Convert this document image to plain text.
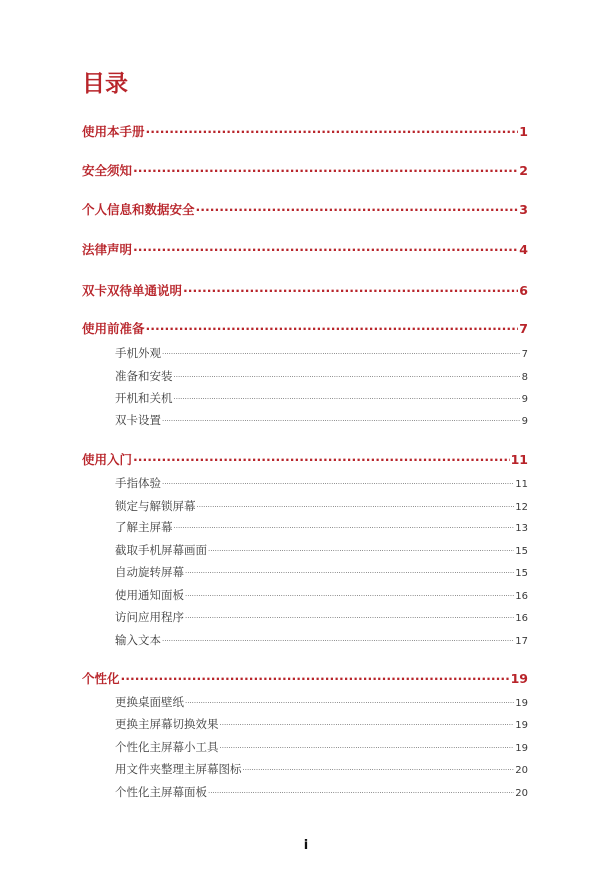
目录
使用本手册 .....	1
安全须知 .....	2
个人信息和数据安全 .....	3
法律声明 .....	4
双卡双待单通说明 .....	6
使用前准备 .....	7
手机外观 .....	7
准备和安装 .....	8
开机和关机 .....	9
双卡设置 .....	9
使用入门 .....	11
手指体验 .....	11
锁定与解锁屏幕 .....	12
了解主屏幕 .....	13
截取手机屏幕画面 .....	15
自动旋转屏幕 .....	15
使用通知面板 .....	16
访问应用程序 .....	16
输入文本 .....	17
个性化 .....	19
更换桌面壁纸 .....	19
更换主屏幕切换效果 .....	19
个性化主屏幕小工具 .....	19
用文件夹整理主屏幕图标 .....	20
个性化主屏幕面板 .....	20
i
